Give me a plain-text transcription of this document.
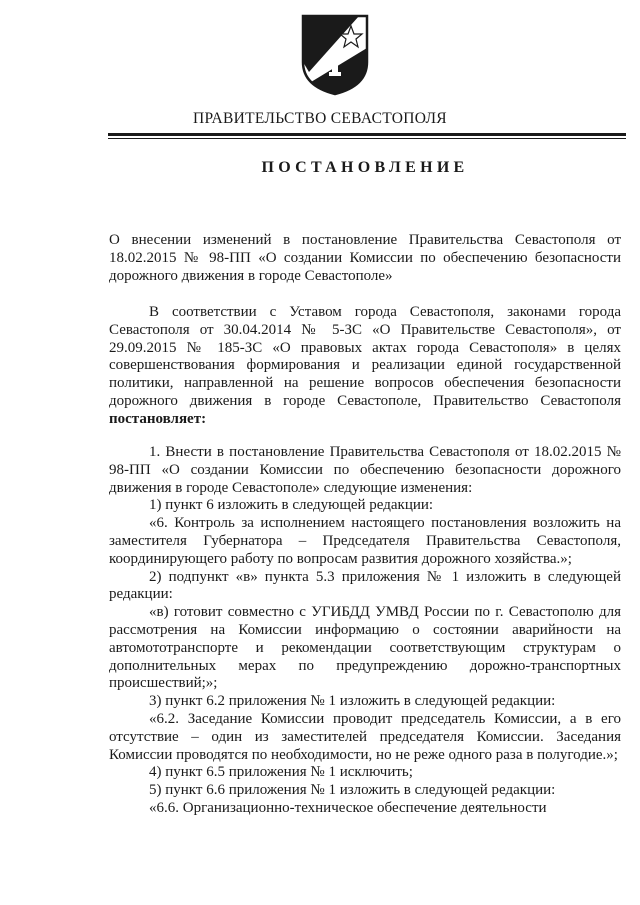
ПРАВИТЕЛЬСТВО СЕВАСТОПОЛЯ
ПОСТАНОВЛЕНИЕ

О внесении изменений в постановление Правительства Севастополя от 18.02.2015 № 98-ПП «О создании Комиссии по обеспечению безопасности дорожного движения в городе Севастополе»

В соответствии с Уставом города Севастополя, законами города Севастополя от 30.04.2014 № 5-ЗС «О Правительстве Севастополя», от 29.09.2015 № 185-ЗС «О правовых актах города Севастополя» в целях совершенствования формирования и реализации единой государственной политики, направленной на решение вопросов обеспечения безопасности дорожного движения в городе Севастополе, Правительство Севастополя постановляет:

1. Внести в постановление Правительства Севастополя от 18.02.2015 № 98-ПП «О создании Комиссии по обеспечению безопасности дорожного движения в городе Севастополе» следующие изменения:

1) пункт 6 изложить в следующей редакции:

«6. Контроль за исполнением настоящего постановления возложить на заместителя Губернатора – Председателя Правительства Севастополя, координирующего работу по вопросам развития дорожного хозяйства.»;

2) подпункт «в» пункта 5.3 приложения № 1 изложить в следующей редакции:

«в) готовит совместно с УГИБДД УМВД России по г. Севастополю для рассмотрения на Комиссии информацию о состоянии аварийности на автомототранспорте и рекомендации соответствующим структурам о дополнительных мерах по предупреждению дорожно-транспортных происшествий;»;

3) пункт 6.2 приложения № 1 изложить в следующей редакции:

«6.2. Заседание Комиссии проводит председатель Комиссии, а в его отсутствие – один из заместителей председателя Комиссии. Заседания Комиссии проводятся по необходимости, но не реже одного раза в полугодие.»;

4) пункт 6.5 приложения № 1 исключить;

5) пункт 6.6 приложения № 1 изложить в следующей редакции:

«6.6. Организационно-техническое обеспечение деятельности
